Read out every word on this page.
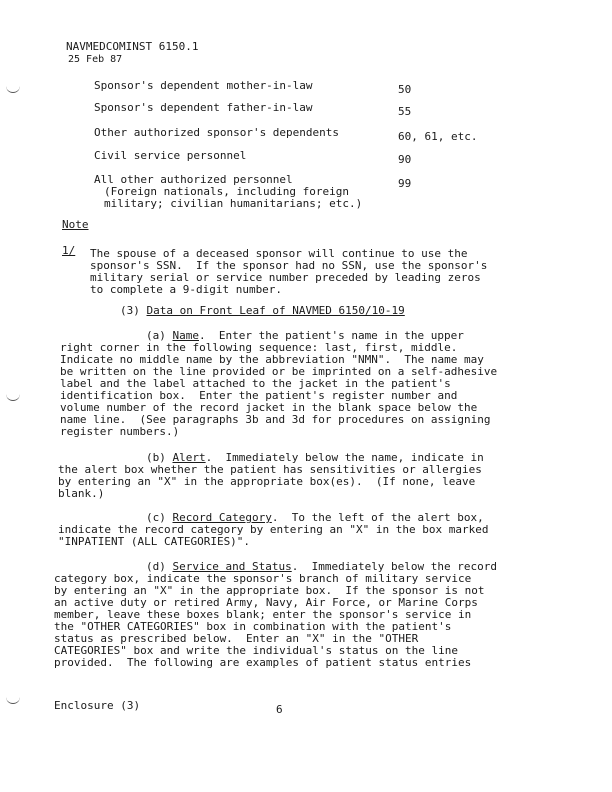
NAVMEDCOMINST 6150.1
25 Feb 87
Sponsor's dependent mother-in-law	50
Sponsor's dependent father-in-law	55
Other authorized sponsor's dependents	60, 61, etc.
Civil service personnel	90
All other authorized personnel	99
(Foreign nationals, including foreign
military; civilian humanitarians; etc.)
Note
1/ The spouse of a deceased sponsor will continue to use the
sponsor's SSN.  If the sponsor had no SSN, use the sponsor's
military serial or service number preceded by leading zeros
to complete a 9-digit number.
(3) Data on Front Leaf of NAVMED 6150/10-19
(a) Name.  Enter the patient's name in the upper
right corner in the following sequence: last, first, middle.
Indicate no middle name by the abbreviation "NMN".  The name may
be written on the line provided or be imprinted on a self-adhesive
label and the label attached to the jacket in the patient's
identification box.  Enter the patient's register number and
volume number of the record jacket in the blank space below the
name line.  (See paragraphs 3b and 3d for procedures on assigning
register numbers.)
(b) Alert.  Immediately below the name, indicate in
the alert box whether the patient has sensitivities or allergies
by entering an "X" in the appropriate box(es).  (If none, leave
blank.)
(c) Record Category.  To the left of the alert box,
indicate the record category by entering an "X" in the box marked
"INPATIENT (ALL CATEGORIES)".
(d) Service and Status.  Immediately below the record
category box, indicate the sponsor's branch of military service
by entering an "X" in the appropriate box.  If the sponsor is not
an active duty or retired Army, Navy, Air Force, or Marine Corps
member, leave these boxes blank; enter the sponsor's service in
the "OTHER CATEGORIES" box in combination with the patient's
status as prescribed below.  Enter an "X" in the "OTHER
CATEGORIES" box and write the individual's status on the line
provided.  The following are examples of patient status entries
Enclosure (3)	6
